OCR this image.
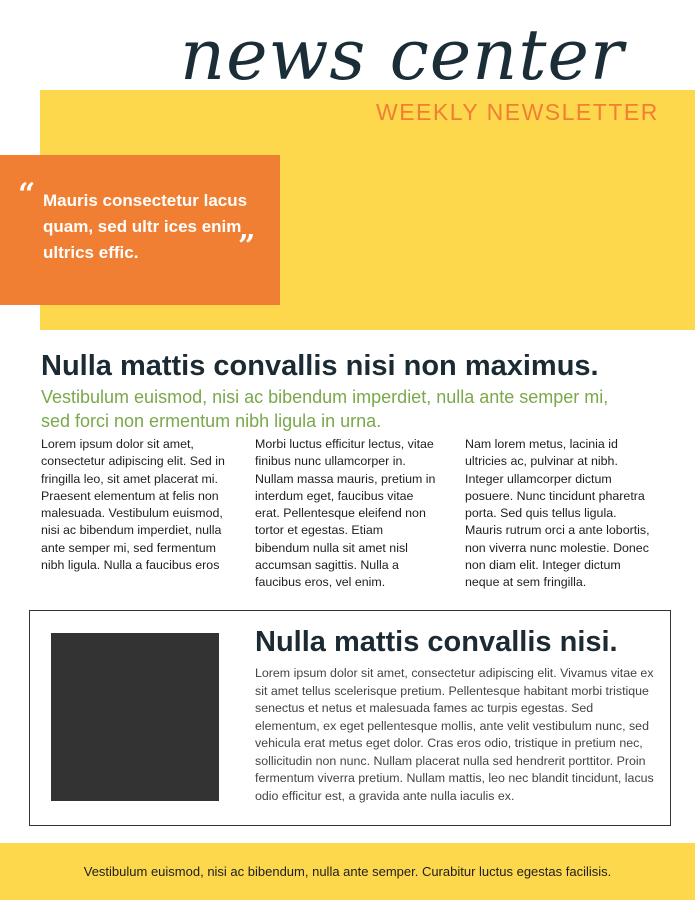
news center
WEEKLY NEWSLETTER
“ Mauris consectetur lacus quam, sed ultr ices enim ultrics effic.	”
Nulla mattis convallis nisi non maximus.
Vestibulum euismod, nisi ac bibendum imperdiet, nulla ante semper mi, sed forci non ermentum nibh ligula in urna.
Lorem ipsum dolor sit amet, consectetur adipiscing elit. Sed in fringilla leo, sit amet placerat mi. Praesent elementum at felis non malesuada. Vestibulum euismod, nisi ac bibendum imperdiet, nulla ante semper mi, sed fermentum nibh ligula. Nulla a faucibus eros
Morbi luctus efficitur lectus, vitae finibus nunc ullamcorper in. Nullam massa mauris, pretium in interdum eget, faucibus vitae erat. Pellentesque eleifend non tortor et egestas. Etiam bibendum nulla sit amet nisl accumsan sagittis. Nulla a faucibus eros, vel enim.
Nam lorem metus, lacinia id ultricies ac, pulvinar at nibh. Integer ullamcorper dictum posuere. Nunc tincidunt pharetra porta. Sed quis tellus ligula. Mauris rutrum orci a ante lobortis, non viverra nunc molestie. Donec non diam elit. Integer dictum neque at sem fringilla.
Nulla mattis convallis nisi.
Lorem ipsum dolor sit amet, consectetur adipiscing elit. Vivamus vitae ex sit amet tellus scelerisque pretium. Pellentesque habitant morbi tristique senectus et netus et malesuada fames ac turpis egestas. Sed elementum, ex eget pellentesque mollis, ante velit vestibulum nunc, sed vehicula erat metus eget dolor. Cras eros odio, tristique in pretium nec, sollicitudin non nunc. Nullam placerat nulla sed hendrerit porttitor. Proin fermentum viverra pretium. Nullam mattis, leo nec blandit tincidunt, lacus odio efficitur est, a gravida ante nulla iaculis ex.
Vestibulum euismod, nisi ac bibendum, nulla ante semper. Curabitur luctus egestas facilisis.
